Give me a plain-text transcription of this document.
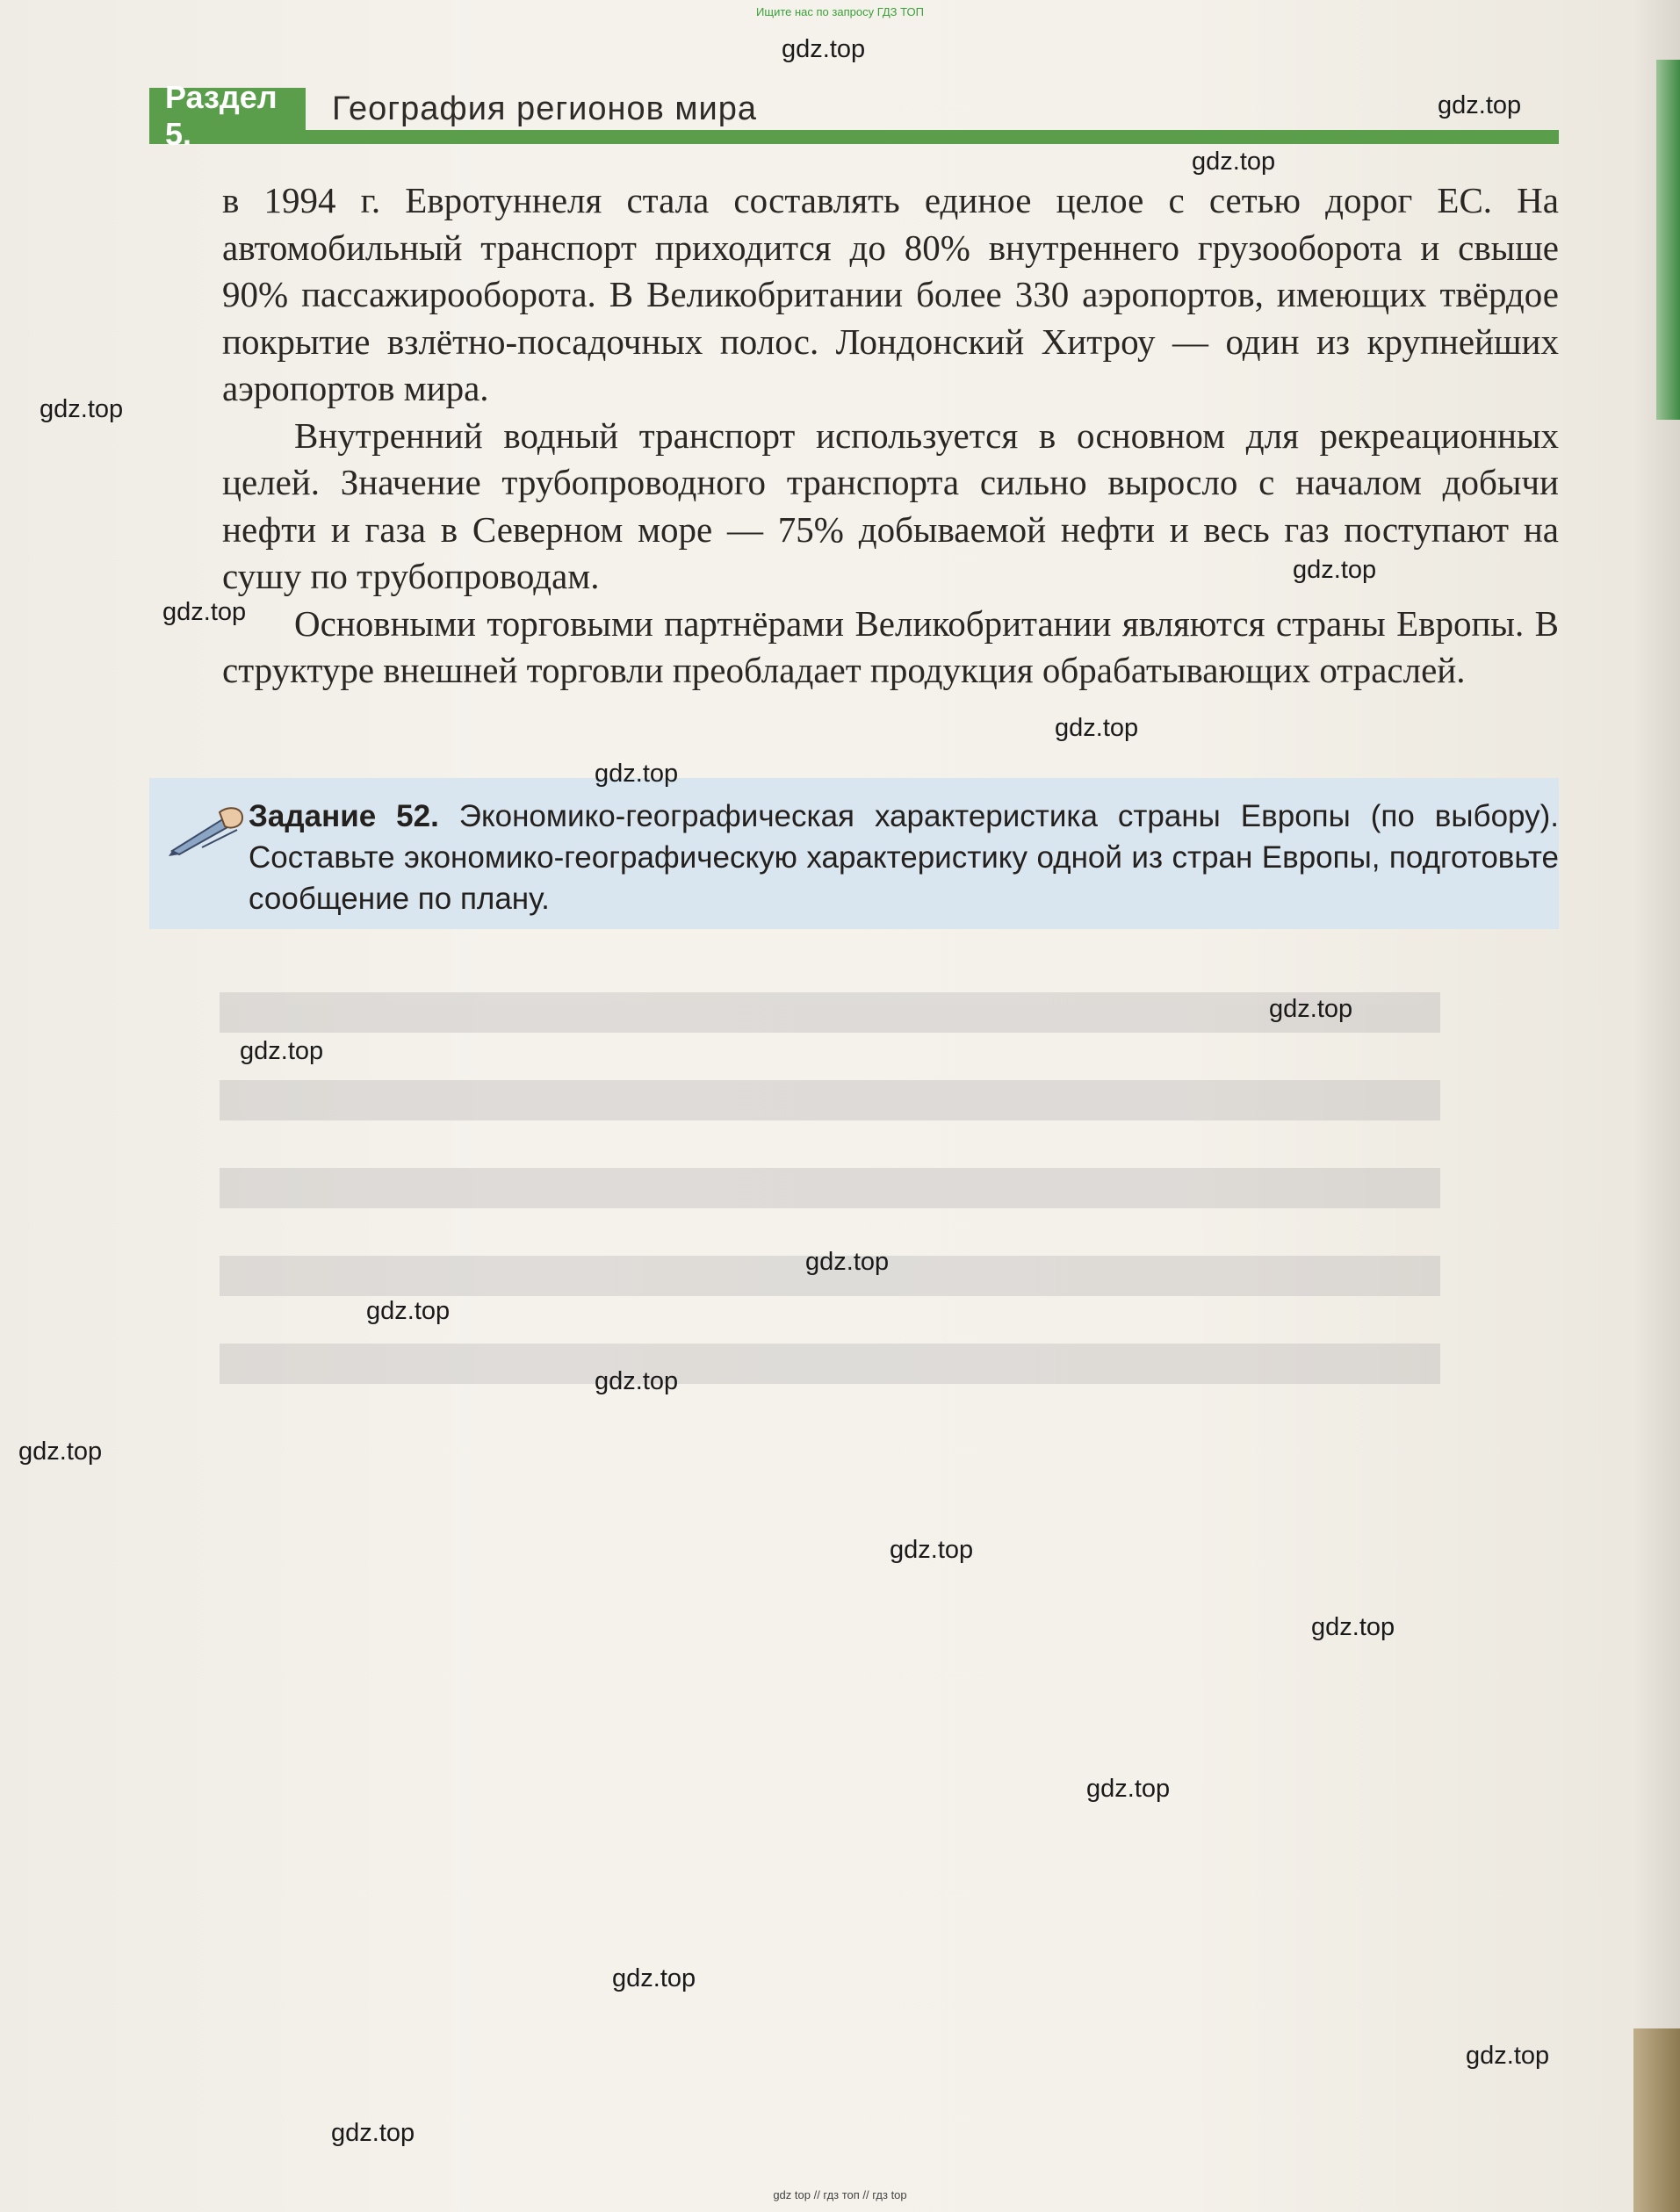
Ищите нас по запросу ГДЗ ТОП
Раздел 5.
География регионов мира

в 1994 г. Евротуннеля стала составлять единое целое с сетью дорог ЕС. На автомобильный транспорт приходится до 80% внутреннего грузооборота и свыше 90% пассажирооборота. В Великобритании более 330 аэропортов, имеющих твёрдое покрытие взлётно-посадочных полос. Лондонский Хитроу — один из крупнейших аэропортов мира.

Внутренний водный транспорт используется в основном для рекреационных целей. Значение трубопроводного транспорта сильно выросло с началом добычи нефти и газа в Северном море — 75% добываемой нефти и весь газ поступают на сушу по трубопроводам.

Основными торговыми партнёрами Великобритании являются страны Европы. В структуре внешней торговли преобладает продукция обрабатывающих отраслей.

Задание 52. Экономико-географическая характеристика страны Европы (по выбору). Составьте экономико-географическую характеристику одной из стран Европы, подготовьте сообщение по плану.
gdz.top
gdz.top
gdz.top
gdz.top
gdz.top
gdz.top
gdz.top
gdz.top
gdz.top
gdz.top
gdz.top
gdz.top
gdz.top
gdz.top
gdz.top
gdz.top
gdz.top
gdz.top
gdz.top
gdz.top
gdz top // гдз топ // гдз top
